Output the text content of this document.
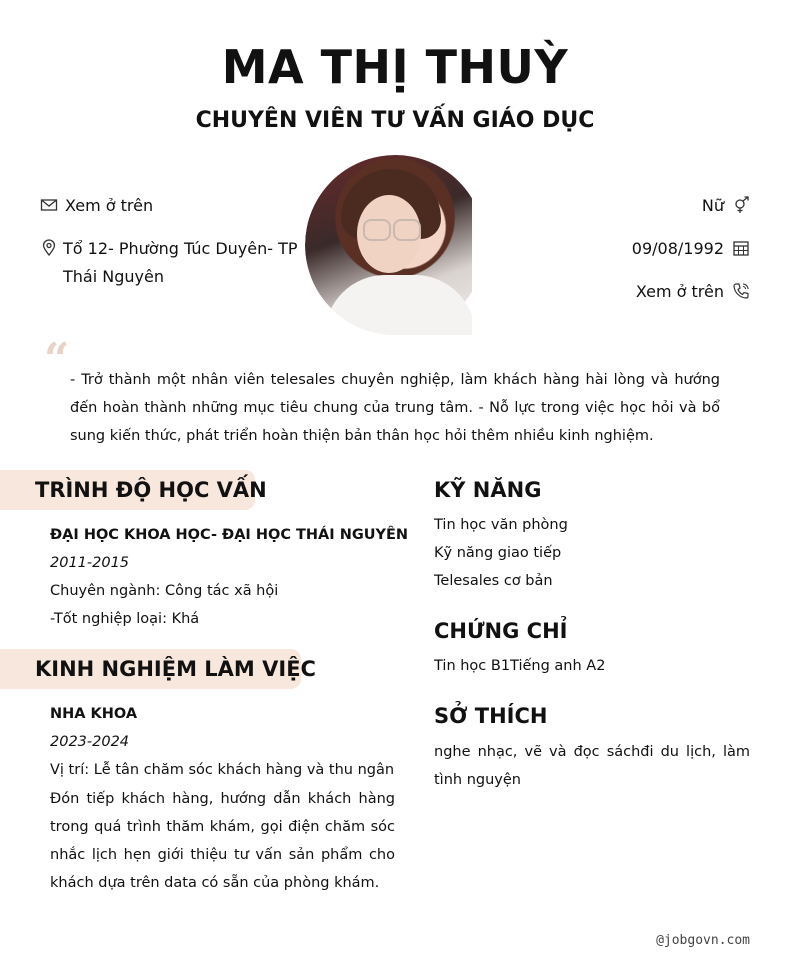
MA THỊ THUỲ
CHUYÊN VIÊN TƯ VẤN GIÁO DỤC
Xem ở trên
Tổ 12- Phường Túc Duyên- TP
Thái Nguyên
Nữ
09/08/1992
Xem ở trên
“ - Trở thành một nhân viên telesales chuyên nghiệp, làm khách hàng hài lòng và hướng đến hoàn thành những mục tiêu chung của trung tâm. - Nỗ lực trong việc học hỏi và bổ sung kiến thức, phát triển hoàn thiện bản thân học hỏi thêm nhiều kinh nghiệm.
TRÌNH ĐỘ HỌC VẤN
ĐẠI HỌC KHOA HỌC- ĐẠI HỌC THÁI NGUYÊN
2011-2015
Chuyên ngành: Công tác xã hội
-Tốt nghiệp loại: Khá
KINH NGHIỆM LÀM VIỆC
NHA KHOA
2023-2024
Vị trí: Lễ tân chăm sóc khách hàng và thu ngân
Đón tiếp khách hàng, hướng dẫn khách hàng trong quá trình thăm khám, gọi điện chăm sóc nhắc lịch hẹn giới thiệu tư vấn sản phẩm cho khách dựa trên data có sẵn của phòng khám.
KỸ NĂNG
Tin học văn phòng
Kỹ năng giao tiếp
Telesales cơ bản
CHỨNG CHỈ
Tin học B1Tiếng anh A2
SỞ THÍCH
nghe nhạc, vẽ và đọc sáchđi du lịch, làm tình nguyện
@jobgovn.com
